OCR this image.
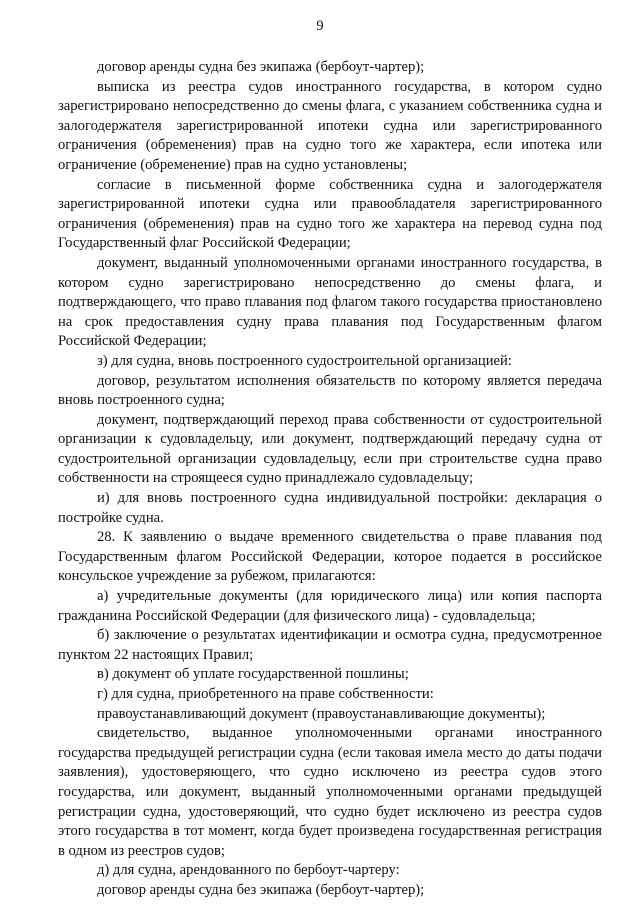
9

договор аренды судна без экипажа (бербоут-чартер);

выписка из реестра судов иностранного государства, в котором судно зарегистрировано непосредственно до смены флага, с указанием собственника судна и залогодержателя зарегистрированной ипотеки судна или зарегистрированного ограничения (обременения) прав на судно того же характера, если ипотека или ограничение (обременение) прав на судно установлены;

согласие в письменной форме собственника судна и залогодержателя зарегистрированной ипотеки судна или правообладателя зарегистрированного ограничения (обременения) прав на судно того же характера на перевод судна под Государственный флаг Российской Федерации;

документ, выданный уполномоченными органами иностранного государства, в котором судно зарегистрировано непосредственно до смены флага, и подтверждающего, что право плавания под флагом такого государства приостановлено на срок предоставления судну права плавания под Государственным флагом Российской Федерации;

з) для судна, вновь построенного судостроительной организацией:

договор, результатом исполнения обязательств по которому является передача вновь построенного судна;

документ, подтверждающий переход права собственности от судостроительной организации к судовладельцу, или документ, подтверждающий передачу судна от судостроительной организации судовладельцу, если при строительстве судна право собственности на строящееся судно принадлежало судовладельцу;

и) для вновь построенного судна индивидуальной постройки: декларация о постройке судна.

28. К заявлению о выдаче временного свидетельства о праве плавания под Государственным флагом Российской Федерации, которое подается в российское консульское учреждение за рубежом, прилагаются:

а) учредительные документы (для юридического лица) или копия паспорта гражданина Российской Федерации (для физического лица) - судовладельца;

б) заключение о результатах идентификации и осмотра судна, предусмотренное пунктом 22 настоящих Правил;

в) документ об уплате государственной пошлины;

г) для судна, приобретенного на праве собственности:

правоустанавливающий документ (правоустанавливающие документы);

свидетельство, выданное уполномоченными органами иностранного государства предыдущей регистрации судна (если таковая имела место до даты подачи заявления), удостоверяющего, что судно исключено из реестра судов этого государства, или документ, выданный уполномоченными органами предыдущей регистрации судна, удостоверяющий, что судно будет исключено из реестра судов этого государства в тот момент, когда будет произведена государственная регистрация в одном из реестров судов;

д) для судна, арендованного по бербоут-чартеру:

договор аренды судна без экипажа (бербоут-чартер);
